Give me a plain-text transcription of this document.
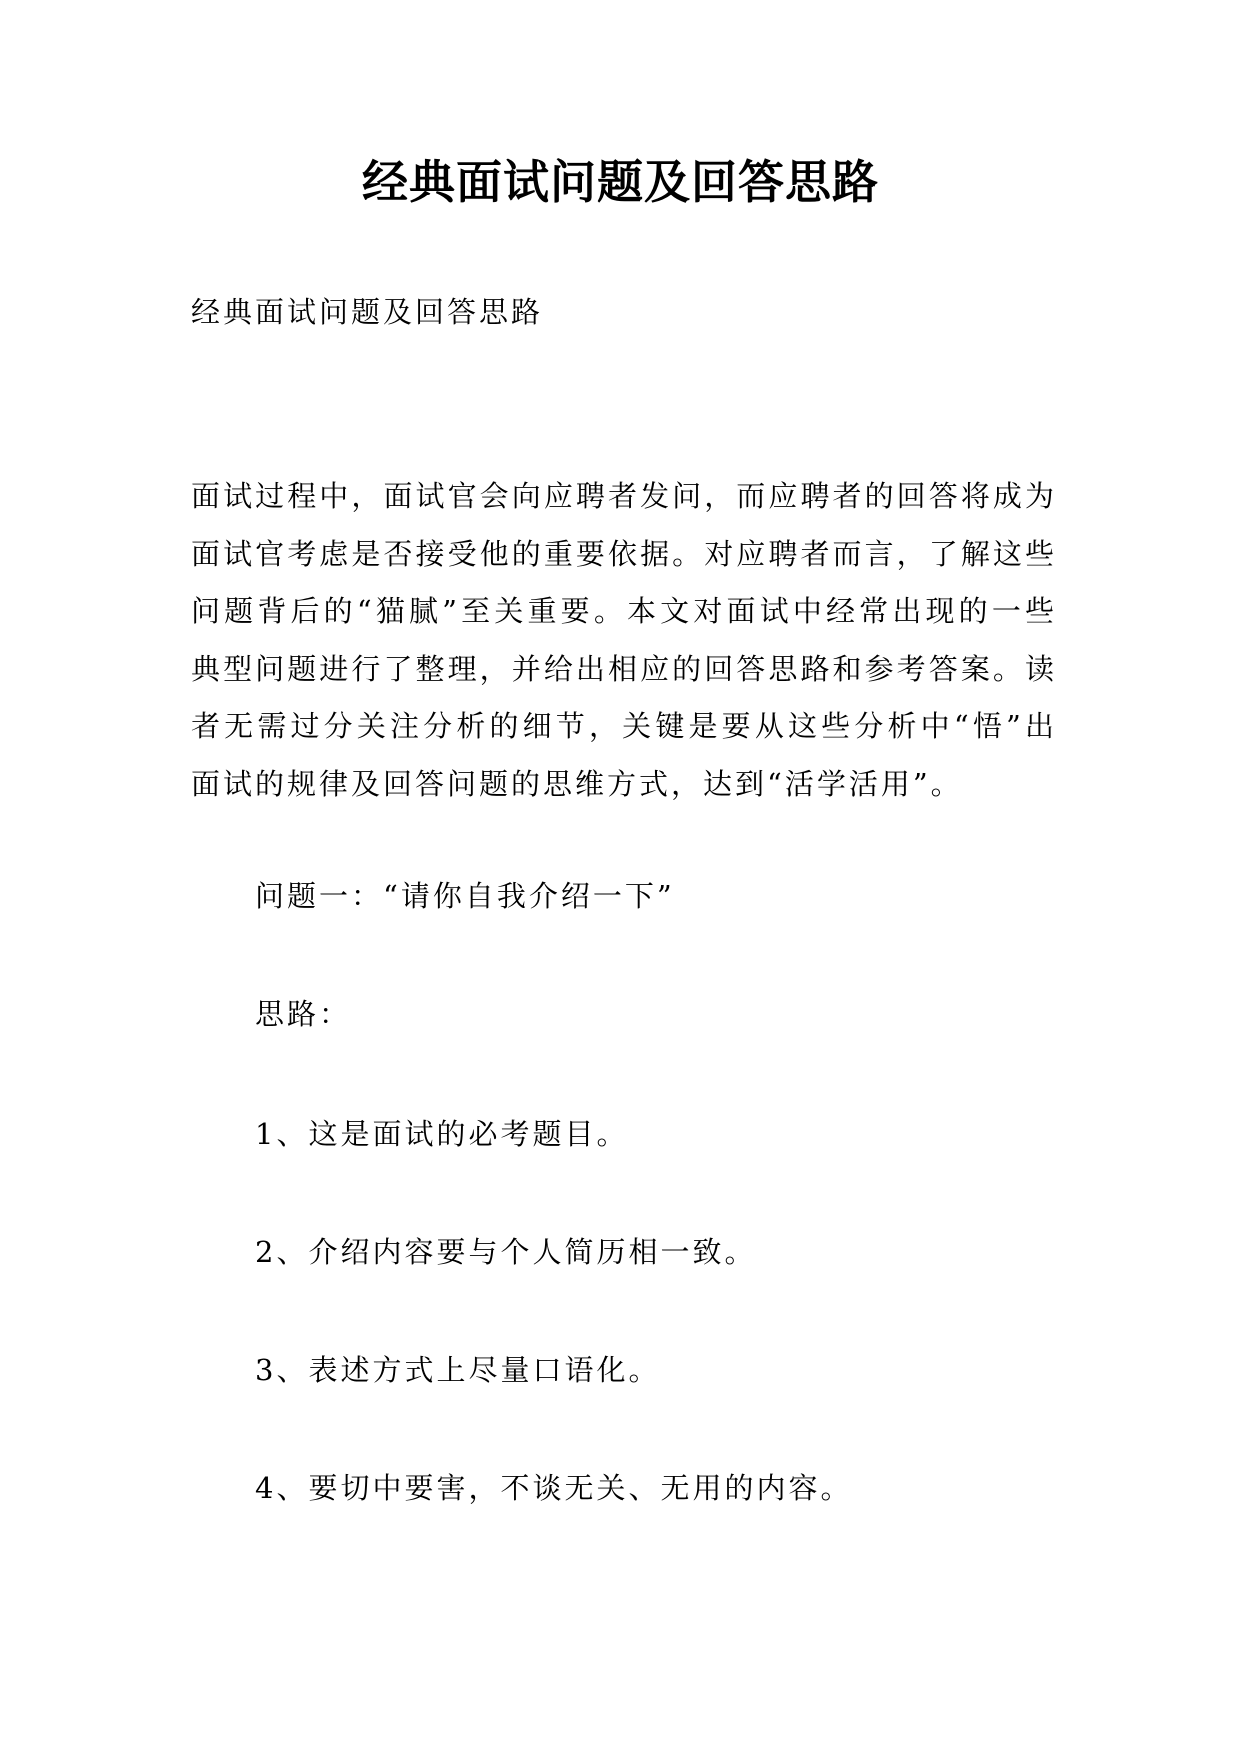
经典面试问题及回答思路
经典面试问题及回答思路

面试过程中，面试官会向应聘者发问，而应聘者的回答将成为面试官考虑是否接受他的重要依据。对应聘者而言，了解这些问题背后的“猫腻”至关重要。本文对面试中经常出现的一些典型问题进行了整理，并给出相应的回答思路和参考答案。读者无需过分关注分析的细节，关键是要从这些分析中“悟”出面试的规律及回答问题的思维方式，达到“活学活用”。

问题一：“请你自我介绍一下”
思路：
1、这是面试的必考题目。
2、介绍内容要与个人简历相一致。
3、表述方式上尽量口语化。
4、要切中要害，不谈无关、无用的内容。
